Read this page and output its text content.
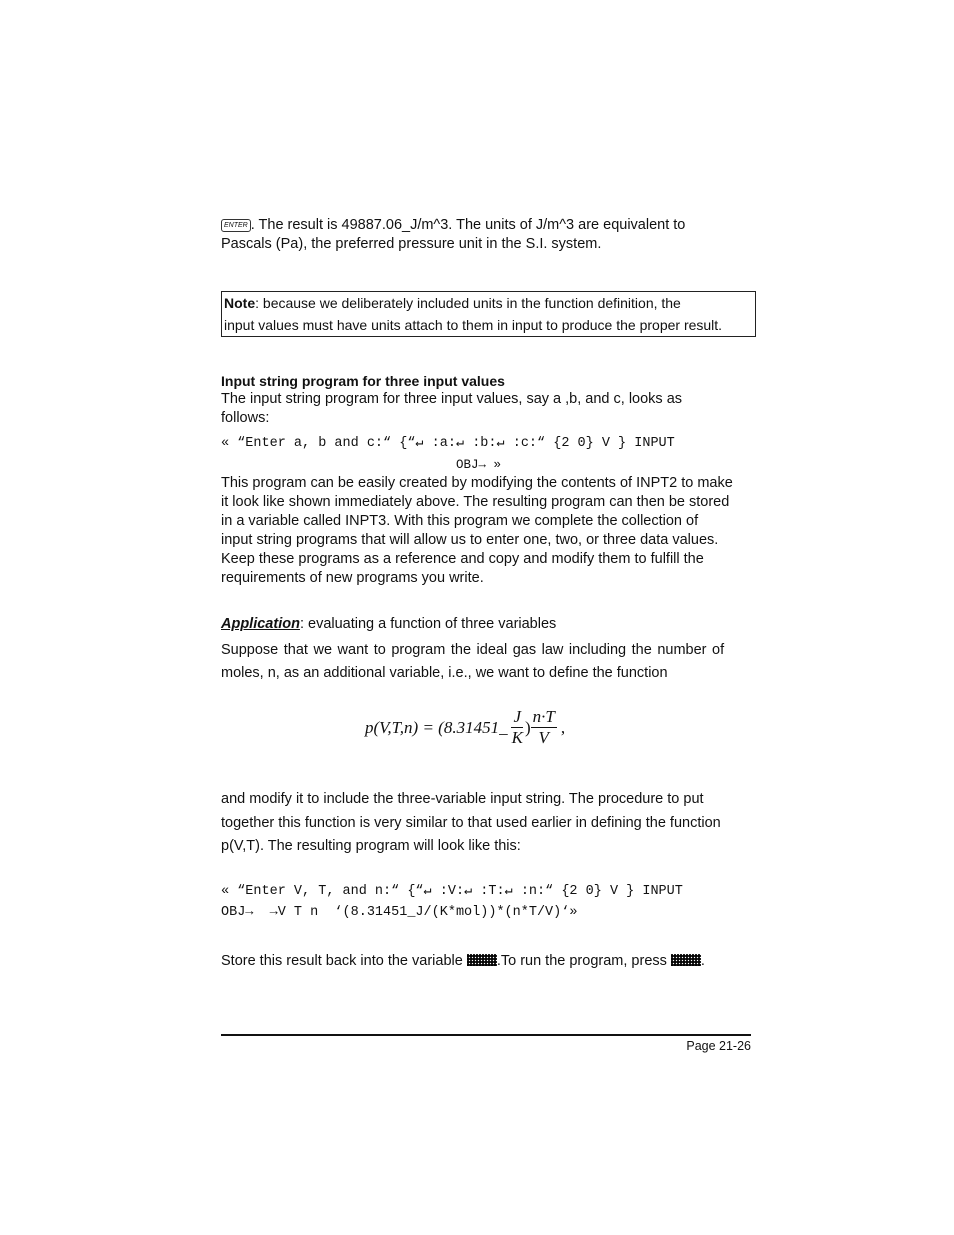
ENTER . The result is 49887.06_J/m^3. The units of J/m^3 are equivalent to
Pascals (Pa), the preferred pressure unit in the S.I. system.
Note: because we deliberately included units in the function definition, the
input values must have units attach to them in input to produce the proper result.
Input string program for three input values
The input string program for three input values, say a ,b, and c, looks as
follows:
« “Enter a, b and c:“ {“↵ :a:↵ :b:↵ :c:“ {2 0} V } INPUT
OBJ→ »
This program can be easily created by modifying the contents of INPT2 to make
it look like shown immediately above. The resulting program can then be stored
in a variable called INPT3. With this program we complete the collection of
input string programs that will allow us to enter one, two, or three data values.
Keep these programs as a reference and copy and modify them to fulfill the
requirements of new programs you write.
Application: evaluating a function of three variables
Suppose that we want to program the ideal gas law including the number of
moles, n, as an additional variable, i.e., we want to define the function
p(V,T,n) = (8.31451 _ $\frac{J}{K}$ ) $\frac{n\cdot T}{V}$ ,
and modify it to include the three-variable input string. The procedure to put
together this function is very similar to that used earlier in defining the function
p(V,T). The resulting program will look like this:
« “Enter V, T, and n:“ {“↵ :V:↵ :T:↵ :n:“ {2 0} V } INPUT
OBJ→  →V T n  ‘(8.31451_J/(K*mol))*(n*T/V)‘»
Store this result back into the variable .To run the program, press .
Page 21-26
